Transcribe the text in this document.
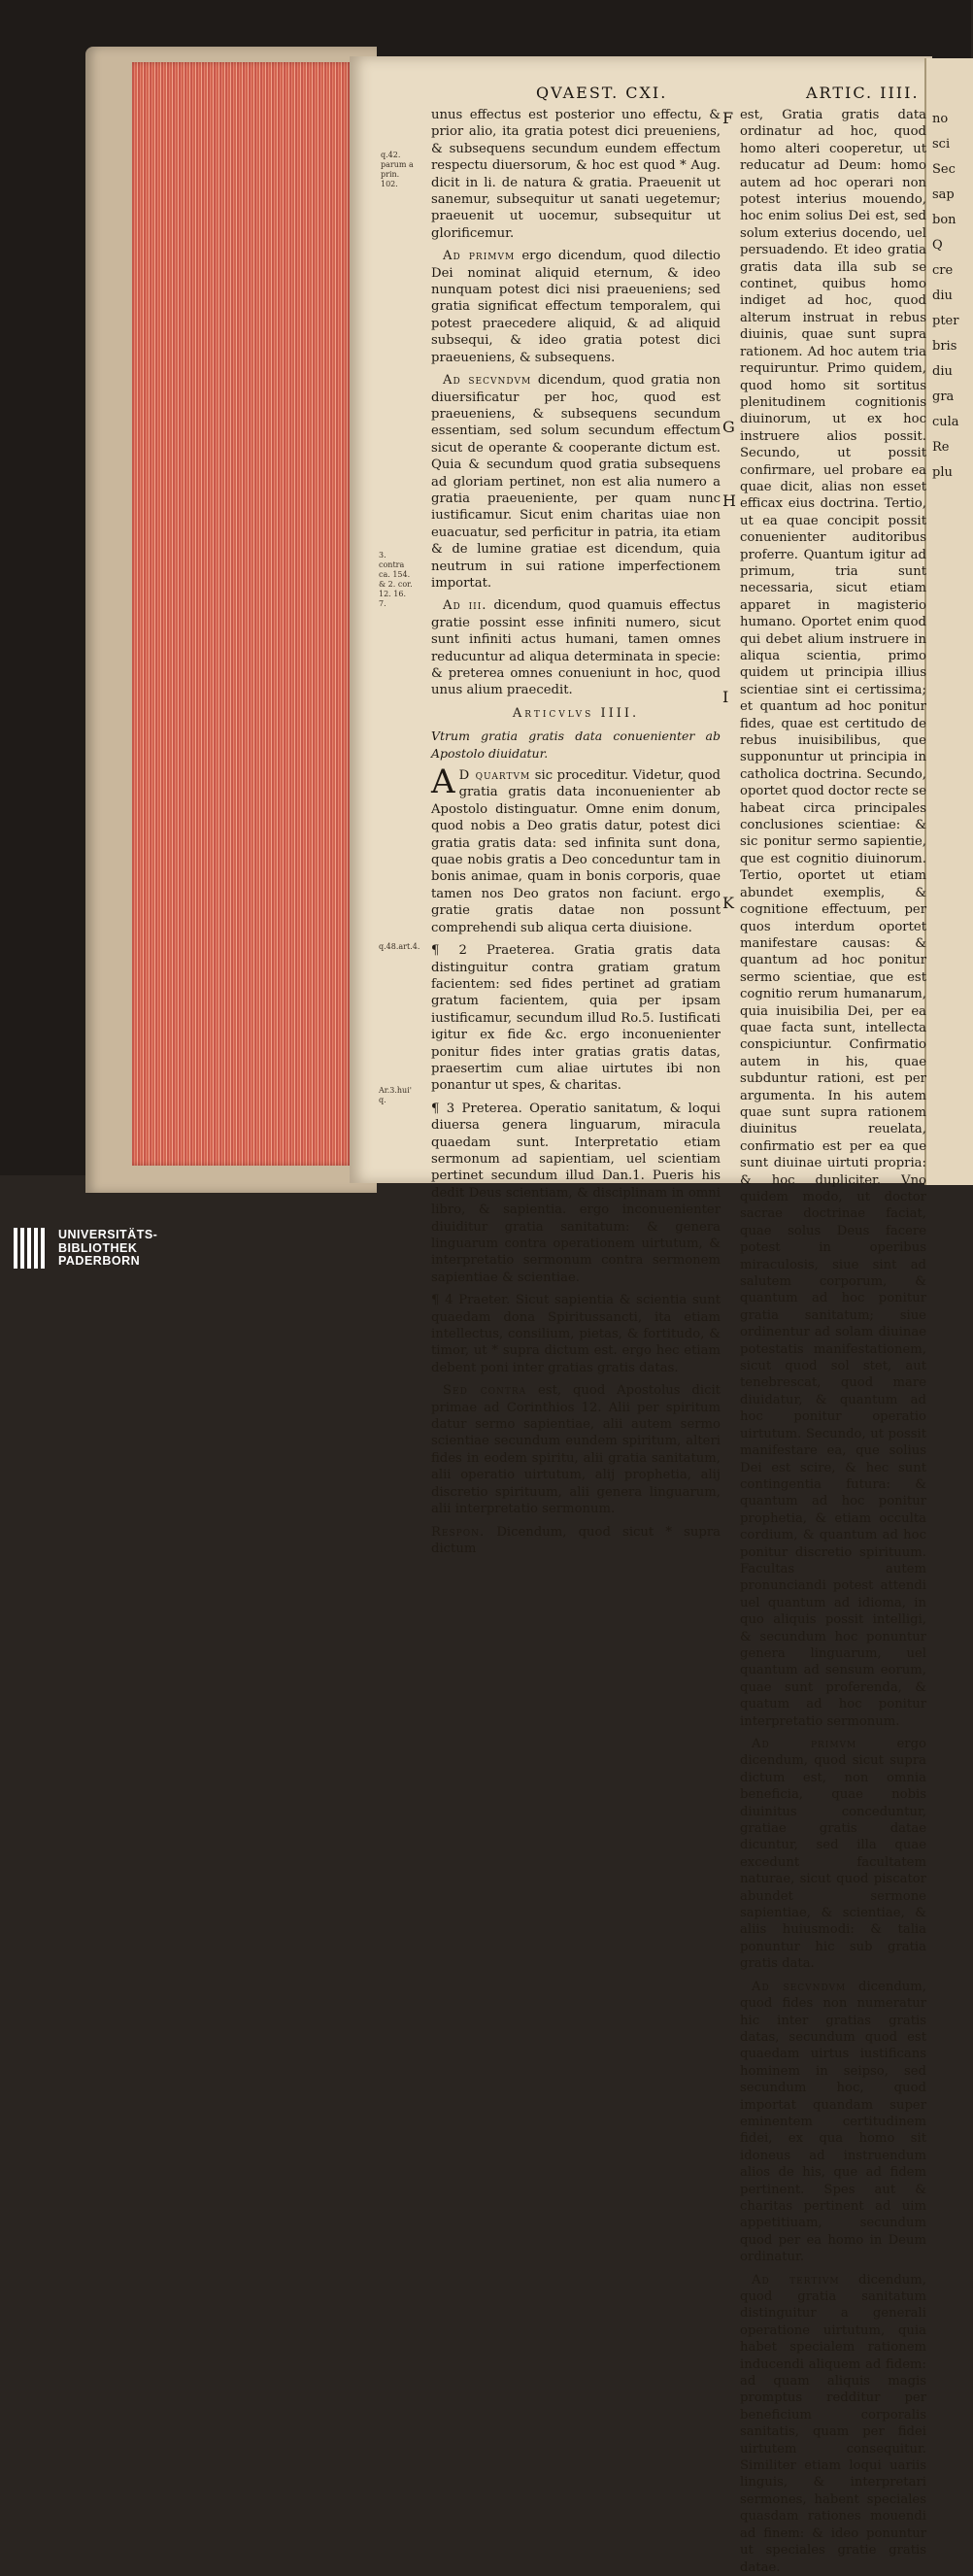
QVAEST. CXI.	ARTIC. IIII.
q.42. parum a prin. 102.
3. contra ca. 154. & 2. cor. 12. 16. 7.
q.48.art.4.
Ar.3.hui' q.
F
G
H
I
K

unus effectus est posterior uno effectu, & prior alio, ita gratia potest dici preueniens, & subsequens secundum eundem effectum respectu diuersorum, & hoc est quod * Aug. dicit in li. de natura & gratia. Praeuenit ut sanemur, subsequitur ut sanati uegetemur; praeuenit ut uocemur, subsequitur ut glorificemur.

Ad primvm ergo dicendum, quod dilectio Dei nominat aliquid eternum, & ideo nunquam potest dici nisi praeueniens; sed gratia significat effectum temporalem, qui potest praecedere aliquid, & ad aliquid subsequi, & ideo gratia potest dici praeueniens, & subsequens.

Ad secvndvm dicendum, quod gratia non diuersificatur per hoc, quod est praeueniens, & subsequens secundum essentiam, sed solum secundum effectum sicut de operante & cooperante dictum est. Quia & secundum quod gratia subsequens ad gloriam pertinet, non est alia numero a gratia praeueniente, per quam nunc iustificamur. Sicut enim charitas uiae non euacuatur, sed perficitur in patria, ita etiam & de lumine gratiae est dicendum, quia neutrum in sui ratione imperfectionem importat.

Ad iii. dicendum, quod quamuis effectus gratie possint esse infiniti numero, sicut sunt infiniti actus humani, tamen omnes reducuntur ad aliqua determinata in specie: & preterea omnes conueniunt in hoc, quod unus alium praecedit.

Articvlvs IIII.

Vtrum gratia gratis data conuenienter ab Apostolo diuidatur.

A D quartvm sic proceditur. Videtur, quod gratia gratis data inconuenienter ab Apostolo distinguatur. Omne enim donum, quod nobis a Deo gratis datur, potest dici gratia gratis data: sed infinita sunt dona, quae nobis gratis a Deo conceduntur tam in bonis animae, quam in bonis corporis, quae tamen nos Deo gratos non faciunt. ergo gratie gratis datae non possunt comprehendi sub aliqua certa diuisione.

¶ 2 Praeterea. Gratia gratis data distinguitur contra gratiam gratum facientem: sed fides pertinet ad gratiam gratum facientem, quia per ipsam iustificamur, secundum illud Ro.5. Iustificati igitur ex fide &c. ergo inconuenienter ponitur fides inter gratias gratis datas, praesertim cum aliae uirtutes ibi non ponantur ut spes, & charitas.

¶ 3 Preterea. Operatio sanitatum, & loqui diuersa genera linguarum, miracula quaedam sunt. Interpretatio etiam sermonum ad sapientiam, uel scientiam pertinet secundum illud Dan.1. Pueris his dedit Deus scientiam, & disciplinam in omni libro, & sapientia. ergo inconuenienter diuiditur gratia sanitatum: & genera linguarum contra operationem uirtutum, & interpretatio sermonum contra sermonem sapientiae & scientiae.

¶ 4 Praeter. Sicut sapientia & scientia sunt quaedam dona Spiritussancti, ita etiam intellectus, consilium, pietas, & fortitudo, & timor, ut * supra dictum est. ergo hec etiam debent poni inter gratias gratis datas.

Sed contra est, quod Apostolus dicit primae ad Corinthios 12. Alii per spiritum datur sermo sapientiae, alii autem sermo scientiae secundum eundem spiritum, alteri fides in eodem spiritu, alii gratia sanitatum, alii operatio uirtutum, alij prophetia, alij discretio spirituum, alii genera linguarum, alii interpretatio sermonum.

Respon. Dicendum, quod sicut * supra dictum

est, Gratia gratis data ordinatur ad hoc, quod homo alteri cooperetur, ut reducatur ad Deum: homo autem ad hoc operari non potest interius mouendo, hoc enim solius Dei est, sed solum exterius docendo, uel persuadendo. Et ideo gratia gratis data illa sub se continet, quibus homo indiget ad hoc, quod alterum instruat in rebus diuinis, quae sunt supra rationem. Ad hoc autem tria requiruntur. Primo quidem, quod homo sit sortitus plenitudinem cognitionis diuinorum, ut ex hoc instruere alios possit. Secundo, ut possit confirmare, uel probare ea quae dicit, alias non esset efficax eius doctrina. Tertio, ut ea quae concipit possit conuenienter auditoribus proferre. Quantum igitur ad primum, tria sunt necessaria, sicut etiam apparet in magisterio humano. Oportet enim quod qui debet alium instruere in aliqua scientia, primo quidem ut principia illius scientiae sint ei certissima; et quantum ad hoc ponitur fides, quae est certitudo de rebus inuisibilibus, que supponuntur ut principia in catholica doctrina. Secundo, oportet quod doctor recte se habeat circa principales conclusiones scientiae: & sic ponitur sermo sapientie, que est cognitio diuinorum. Tertio, oportet ut etiam abundet exemplis, & cognitione effectuum, per quos interdum oportet manifestare causas: & quantum ad hoc ponitur sermo scientiae, que est cognitio rerum humanarum, quia inuisibilia Dei, per ea quae facta sunt, intellecta conspiciuntur. Confirmatio autem in his, quae subduntur rationi, est per argumenta. In his autem quae sunt supra rationem diuinitus reuelata, confirmatio est per ea que sunt diuinae uirtuti propria: & hoc dupliciter. Vno quidem modo, ut doctor sacrae doctrinae faciat, quae solus Deus facere potest in operibus miraculosis, siue sint ad salutem corporum, & quantum ad hoc ponitur gratia sanitatum; siue ordinentur ad solam diuinae potestatis manifestationem, sicut quod sol stet, aut tenebrescat, quod mare diuidatur, & quantum ad hoc ponitur operatio uirtutum. Secundo, ut possit manifestare ea, que solius Dei est scire, & hec sunt contingentia futura: & quantum ad hoc ponitur prophetia, & etiam occulta cordium, & quantum ad hoc ponitur discretio spirituum. Facultas autem pronunciandi potest attendi uel quantum ad idioma, in quo aliquis possit intelligi, & secundum hoc ponuntur genera linguarum, uel quantum ad sensum eorum, quae sunt proferenda, & quatum ad hoc ponitur interpretatio sermonum.

Ad primvm	ergo dicendum, quod sicut supra dictum est, non omnia beneficia, quae nobis diuinitus conceduntur, gratiae gratis datae dicuntur, sed illa quae excedunt facultatem naturae, sicut quod piscator abundet sermone sapientiae, & scientiae, & aliis huiusmodi: & talia ponuntur hic sub gratia gratis data.

Ad secvndvm dicendum, quod fides non numeratur hic inter gratias gratis datas, secundum quod est quaedam uirtus iustificans hominem in seipso, sed secundum hoc, quod importat quandam super eminentem certitudinem fidei, ex qua homo sit idoneus ad instruendum alios de his, que ad fidem pertinent. Spes aut & charitas pertinent ad uim appetitiuam, secundum quod per ea homo in Deum ordinatur.

Ad tertivm dicendum, quod gratia sanitatum distinguitur a generali operatione uirtutum, quia habet specialem rationem inducendi aliquem ad fidem: ad quam aliquis magis promptus redditur per beneficium corporalis sanitatis, quam per fidei uirtutem consequitur. Similiter etiam loqui uariis linguis, & interpretari sermones, habent speciales quasdam rationes mouendi ad finem: & ideo ponuntur ut speciales gratie gratis datae.

no
sci
Sec
sap
bon
Q
cre
diu
pter
bris
diu
gra
cula
Re
plu
UNIVERSITÄTS-
BIBLIOTHEK
PADERBORN
